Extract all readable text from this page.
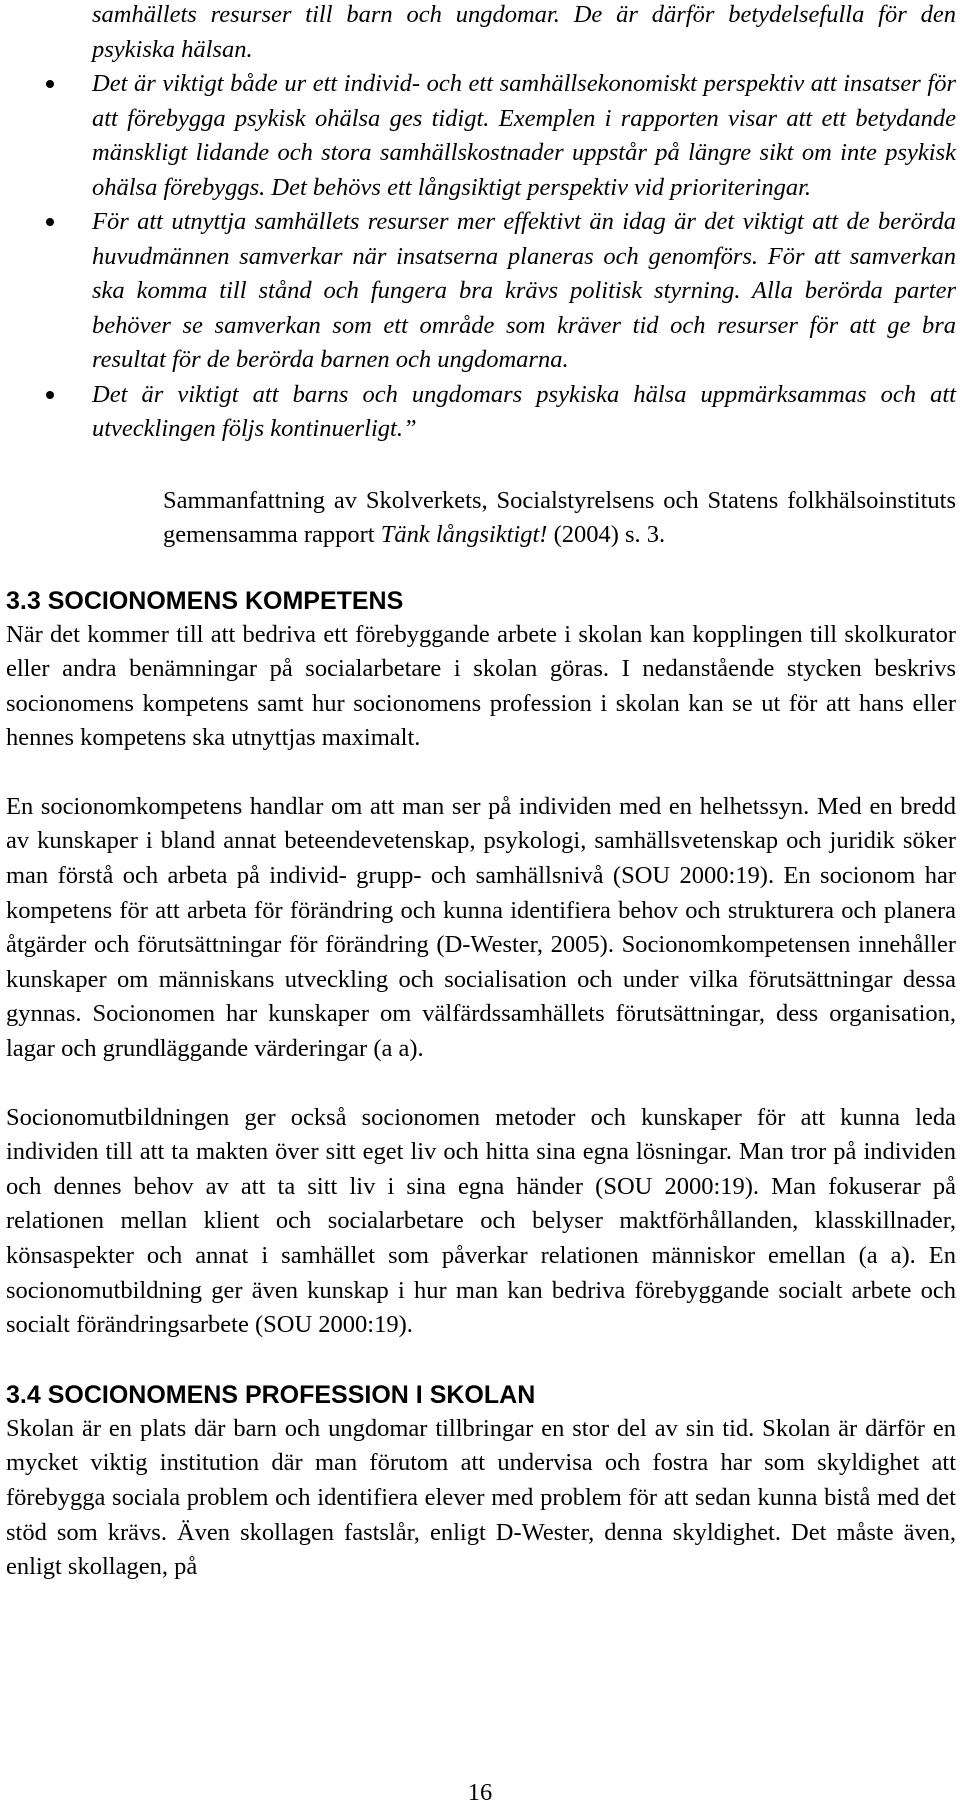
samhällets resurser till barn och ungdomar. De är därför betydelsefulla för den psykiska hälsan.

Det är viktigt både ur ett individ- och ett samhällsekonomiskt perspektiv att insatser för att förebygga psykisk ohälsa ges tidigt. Exemplen i rapporten visar att ett betydande mänskligt lidande och stora samhällskostnader uppstår på längre sikt om inte psykisk ohälsa förebyggs. Det behövs ett långsiktigt perspektiv vid prioriteringar.

För att utnyttja samhällets resurser mer effektivt än idag är det viktigt att de berörda huvudmännen samverkar när insatserna planeras och genomförs. För att samverkan ska komma till stånd och fungera bra krävs politisk styrning. Alla berörda parter behöver se samverkan som ett område som kräver tid och resurser för att ge bra resultat för de berörda barnen och ungdomarna.

Det är viktigt att barns och ungdomars psykiska hälsa uppmärksammas och att utvecklingen följs kontinuerligt.”

Sammanfattning av Skolverkets, Socialstyrelsens och Statens folkhälsoinstituts gemensamma rapport Tänk långsiktigt! (2004) s. 3.

3.3 SOCIONOMENS KOMPETENS

När det kommer till att bedriva ett förebyggande arbete i skolan kan kopplingen till skolkurator eller andra benämningar på socialarbetare i skolan göras. I nedanstående stycken beskrivs socionomens kompetens samt hur socionomens profession i skolan kan se ut för att hans eller hennes kompetens ska utnyttjas maximalt.

En socionomkompetens handlar om att man ser på individen med en helhetssyn. Med en bredd av kunskaper i bland annat beteendevetenskap, psykologi, samhällsvetenskap och juridik söker man förstå och arbeta på individ- grupp- och samhällsnivå (SOU 2000:19). En socionom har kompetens för att arbeta för förändring och kunna identifiera behov och strukturera och planera åtgärder och förutsättningar för förändring (D-Wester, 2005). Socionomkompetensen innehåller kunskaper om människans utveckling och socialisation och under vilka förutsättningar dessa gynnas. Socionomen har kunskaper om välfärdssamhällets förutsättningar, dess organisation, lagar och grundläggande värderingar (a a).

Socionomutbildningen ger också socionomen metoder och kunskaper för att kunna leda individen till att ta makten över sitt eget liv och hitta sina egna lösningar. Man tror på individen och dennes behov av att ta sitt liv i sina egna händer (SOU 2000:19). Man fokuserar på relationen mellan klient och socialarbetare och belyser maktförhållanden, klasskillnader, könsaspekter och annat i samhället som påverkar relationen människor emellan (a a). En socionomutbildning ger även kunskap i hur man kan bedriva förebyggande socialt arbete och socialt förändringsarbete (SOU 2000:19).

3.4 SOCIONOMENS PROFESSION I SKOLAN

Skolan är en plats där barn och ungdomar tillbringar en stor del av sin tid. Skolan är därför en mycket viktig institution där man förutom att undervisa och fostra har som skyldighet att förebygga sociala problem och identifiera elever med problem för att sedan kunna bistå med det stöd som krävs. Även skollagen fastslår, enligt D-Wester, denna skyldighet. Det måste även, enligt skollagen, på

16
